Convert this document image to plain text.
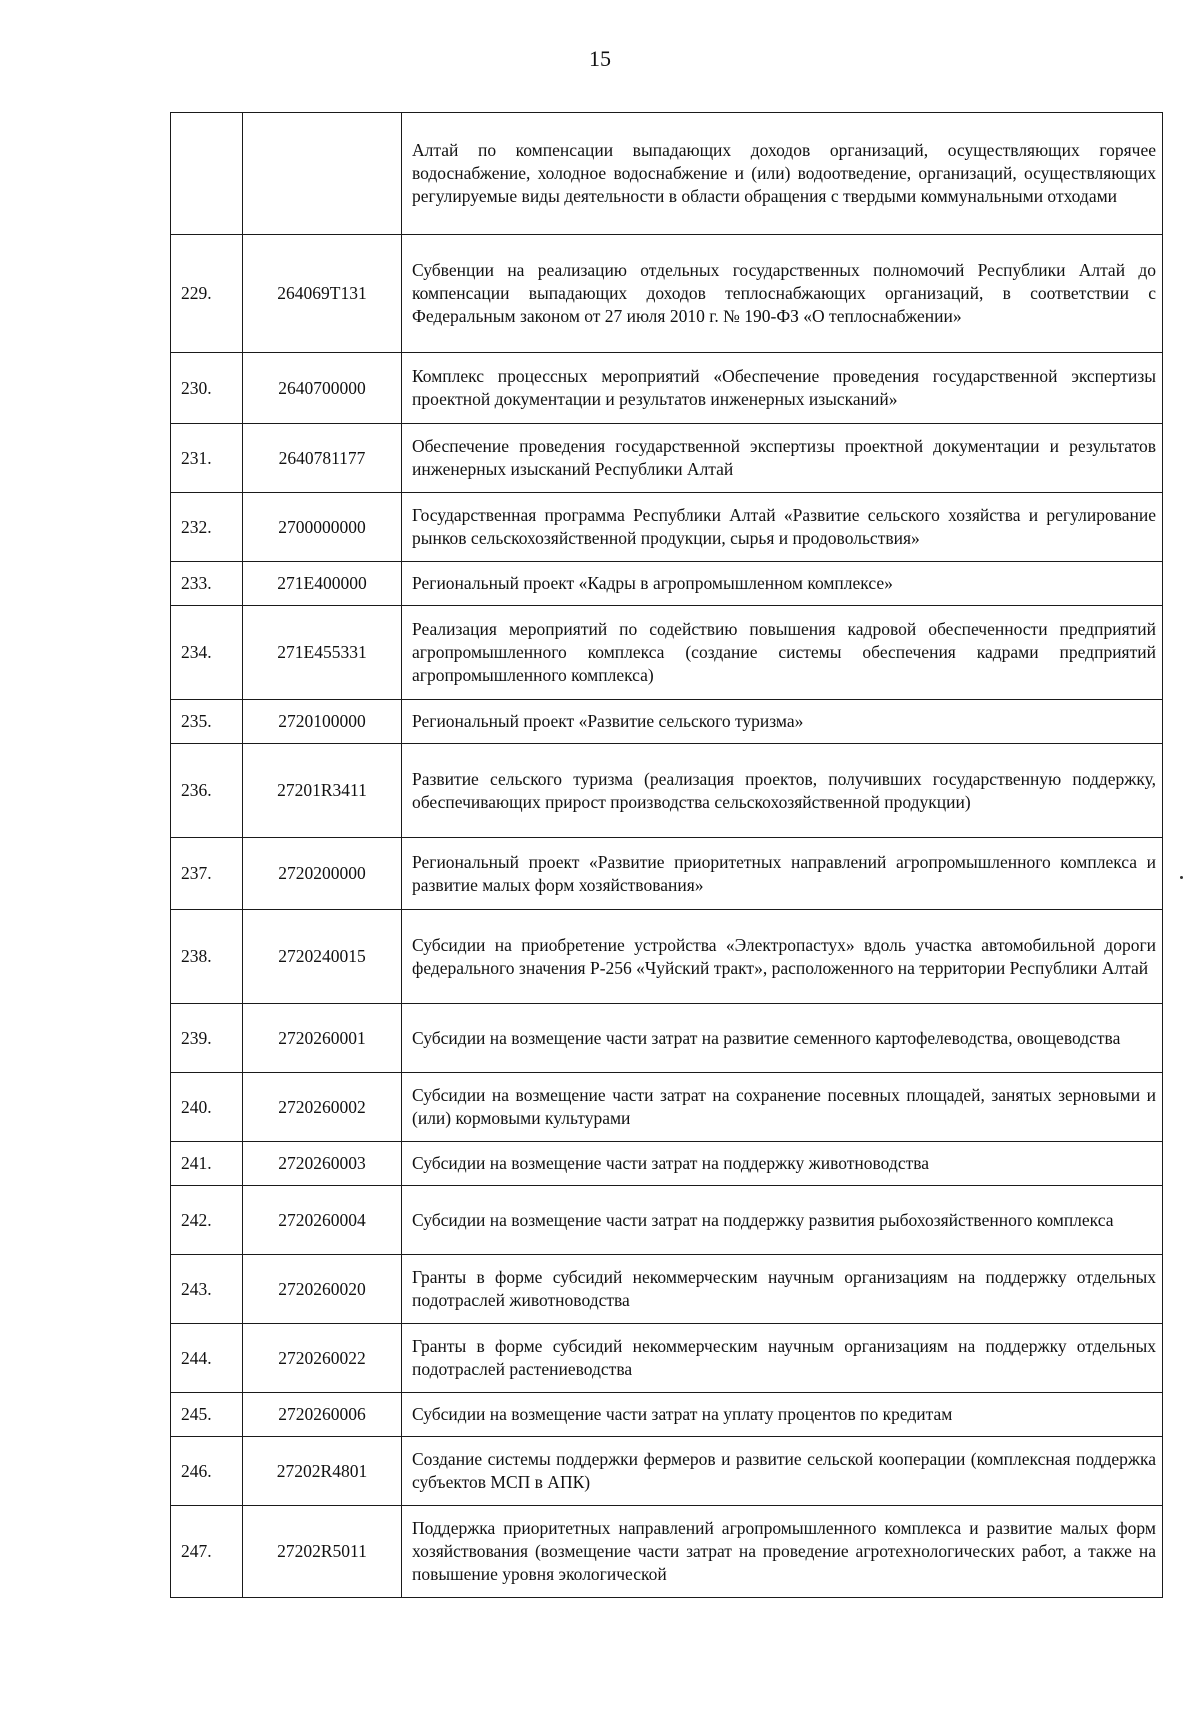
15
		Алтай по компенсации выпадающих доходов организаций, осуществляющих горячее водоснабжение, холодное водоснабжение и (или) водоотведение, организаций, осуществляющих регулируемые виды деятельности в области обращения с твердыми коммунальными отходами
229.	264069Т131	Субвенции на реализацию отдельных государственных полномочий Республики Алтай до компенсации выпадающих доходов теплоснабжающих организаций, в соответствии с Федеральным законом от 27 июля 2010 г. № 190-ФЗ «О теплоснабжении»
230.	2640700000	Комплекс процессных мероприятий «Обеспечение проведения государственной экспертизы проектной документации и результатов инженерных изысканий»
231.	2640781177	Обеспечение проведения государственной экспертизы проектной документации и результатов инженерных изысканий Республики Алтай
232.	2700000000	Государственная программа Республики Алтай «Развитие сельского хозяйства и регулирование рынков сельскохозяйственной продукции, сырья и продовольствия»
233.	271Е400000	Региональный проект «Кадры в агропромышленном комплексе»
234.	271Е455331	Реализация мероприятий по содействию повышения кадровой обеспеченности предприятий агропромышленного комплекса (создание системы обеспечения кадрами предприятий агропромышленного комплекса)
235.	2720100000	Региональный проект «Развитие сельского туризма»
236.	27201R3411	Развитие сельского туризма (реализация проектов, получивших государственную поддержку, обеспечивающих прирост производства сельскохозяйственной продукции)
237.	2720200000	Региональный проект «Развитие приоритетных направлений агропромышленного комплекса и развитие малых форм хозяйствования»
238.	2720240015	Субсидии на приобретение устройства «Электропастух» вдоль участка автомобильной дороги федерального значения Р-256 «Чуйский тракт», расположенного на территории Республики Алтай
239.	2720260001	Субсидии на возмещение части затрат на развитие семенного картофелеводства, овощеводства
240.	2720260002	Субсидии на возмещение части затрат на сохранение посевных площадей, занятых зерновыми и (или) кормовыми культурами
241.	2720260003	Субсидии на возмещение части затрат на поддержку животноводства
242.	2720260004	Субсидии на возмещение части затрат на поддержку развития рыбохозяйственного комплекса
243.	2720260020	Гранты в форме субсидий некоммерческим научным организациям на поддержку отдельных подотраслей животноводства
244.	2720260022	Гранты в форме субсидий некоммерческим научным организациям на поддержку отдельных подотраслей растениеводства
245.	2720260006	Субсидии на возмещение части затрат на уплату процентов по кредитам
246.	27202R4801	Создание системы поддержки фермеров и развитие сельской кооперации (комплексная поддержка субъектов МСП в АПК)
247.	27202R5011	Поддержка приоритетных направлений агропромышленного комплекса и развитие малых форм хозяйствования (возмещение части затрат на проведение агротехнологических работ, а также на повышение уровня экологической
